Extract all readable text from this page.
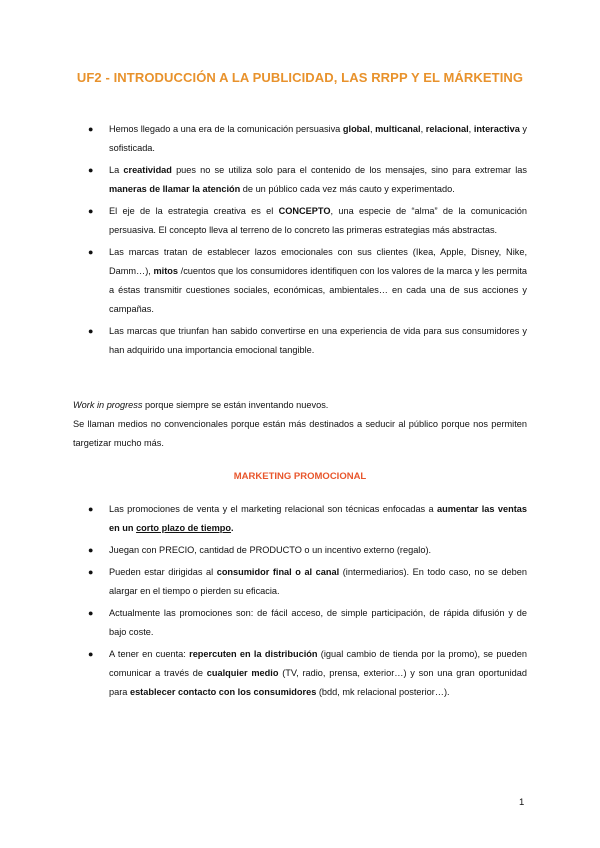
UF2 - INTRODUCCIÓN A LA PUBLICIDAD, LAS RRPP Y EL MÁRKETING
● Hemos llegado a una era de la comunicación persuasiva global, multicanal, relacional, interactiva y sofisticada.
● La creatividad pues no se utiliza solo para el contenido de los mensajes, sino para extremar las maneras de llamar la atención de un público cada vez más cauto y experimentado.
● El eje de la estrategia creativa es el CONCEPTO, una especie de “alma” de la comunicación persuasiva. El concepto lleva al terreno de lo concreto las primeras estrategias más abstractas.
● Las marcas tratan de establecer lazos emocionales con sus clientes (Ikea, Apple, Disney, Nike, Damm…), mitos /cuentos que los consumidores identifiquen con los valores de la marca y les permita a éstas transmitir cuestiones sociales, económicas, ambientales… en cada una de sus acciones y campañas.
● Las marcas que triunfan han sabido convertirse en una experiencia de vida para sus consumidores y han adquirido una importancia emocional tangible.

Work in progress porque siempre se están inventando nuevos.

Se llaman medios no convencionales porque están más destinados a seducir al público porque nos permiten targetizar mucho más.

MARKETING PROMOCIONAL
● Las promociones de venta y el marketing relacional son técnicas enfocadas a aumentar las ventas en un corto plazo de tiempo.
● Juegan con PRECIO, cantidad de PRODUCTO o un incentivo externo (regalo).
● Pueden estar dirigidas al consumidor final o al canal (intermediarios). En todo caso, no se deben alargar en el tiempo o pierden su eficacia.
● Actualmente las promociones son: de fácil acceso, de simple participación, de rápida difusión y de bajo coste.
● A tener en cuenta: repercuten en la distribución (igual cambio de tienda por la promo), se pueden comunicar a través de cualquier medio (TV, radio, prensa, exterior…) y son una gran oportunidad para establecer contacto con los consumidores (bdd, mk relacional posterior…).
1
